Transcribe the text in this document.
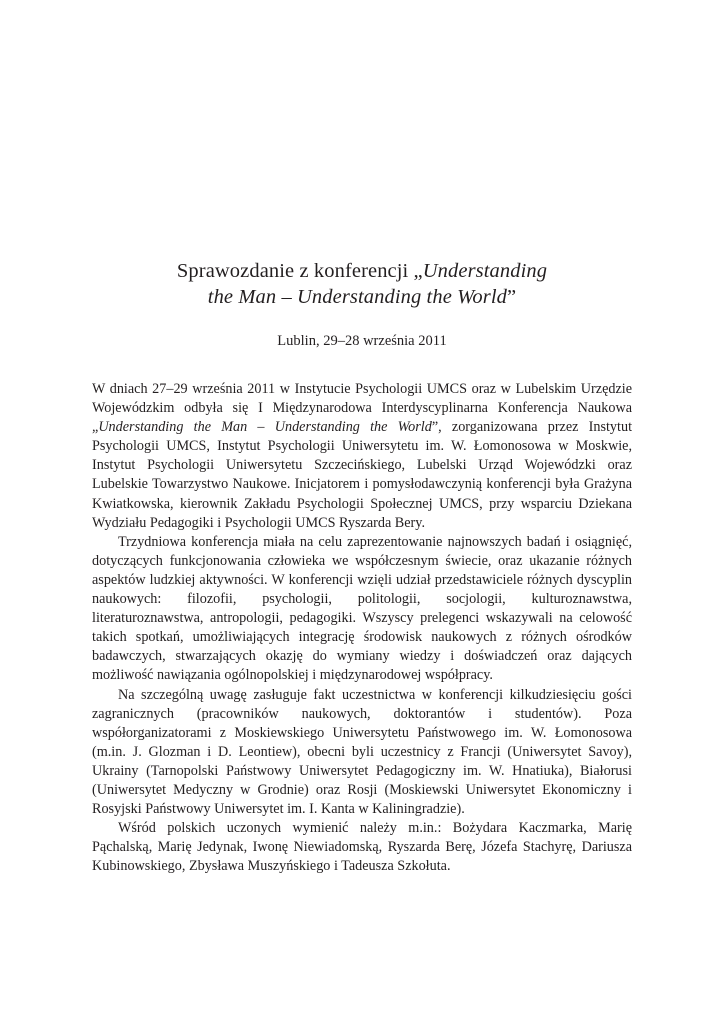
Sprawozdanie z konferencji „Understanding
the Man – Understanding the World”
Lublin, 29–28 września 2011

W dniach 27–29 września 2011 w Instytucie Psychologii UMCS oraz w Lubelskim Urzędzie Wojewódzkim odbyła się I Międzynarodowa Interdyscyplinarna Konferencja Naukowa „Understanding the Man – Understanding the World”, zorganizowana przez Instytut Psychologii UMCS, Instytut Psychologii Uniwersytetu im. W. Łomonosowa w Moskwie, Instytut Psychologii Uniwersytetu Szczecińskiego, Lubelski Urząd Wojewódzki oraz Lubelskie Towarzystwo Naukowe. Inicjatorem i pomysłodawczynią konferencji była Grażyna Kwiatkowska, kierownik Zakładu Psychologii Społecznej UMCS, przy wsparciu Dziekana Wydziału Pedagogiki i Psychologii UMCS Ryszarda Bery.

Trzydniowa konferencja miała na celu zaprezentowanie najnowszych badań i osiągnięć, dotyczących funkcjonowania człowieka we współczesnym świecie, oraz ukazanie różnych aspektów ludzkiej aktywności. W konferencji wzięli udział przedstawiciele różnych dyscyplin naukowych: filozofii, psychologii, politologii, socjologii, kulturoznawstwa, literaturoznawstwa, antropologii, pedagogiki. Wszyscy prelegenci wskazywali na celowość takich spotkań, umożliwiających integrację środowisk naukowych z różnych ośrodków badawczych, stwarzających okazję do wymiany wiedzy i doświadczeń oraz dających możliwość nawiązania ogólnopolskiej i międzynarodowej współpracy.

Na szczególną uwagę zasługuje fakt uczestnictwa w konferencji kilkudziesięciu gości zagranicznych (pracowników naukowych, doktorantów i studentów). Poza współorganizatorami z Moskiewskiego Uniwersytetu Państwowego im. W. Łomonosowa (m.in. J. Glozman i D. Leontiew), obecni byli uczestnicy z Francji (Uniwersytet Savoy), Ukrainy (Tarnopolski Państwowy Uniwersytet Pedagogiczny im. W. Hnatiuka), Białorusi (Uniwersytet Medyczny w Grodnie) oraz Rosji (Moskiewski Uniwersytet Ekonomiczny i Rosyjski Państwowy Uniwersytet im. I. Kanta w Kaliningradzie).

Wśród polskich uczonych wymienić należy m.in.: Bożydara Kaczmarka, Marię Pąchalską, Marię Jedynak, Iwonę Niewiadomską, Ryszarda Berę, Józefa Stachyrę, Dariusza Kubinowskiego, Zbysława Muszyńskiego i Tadeusza Szkołuta.
